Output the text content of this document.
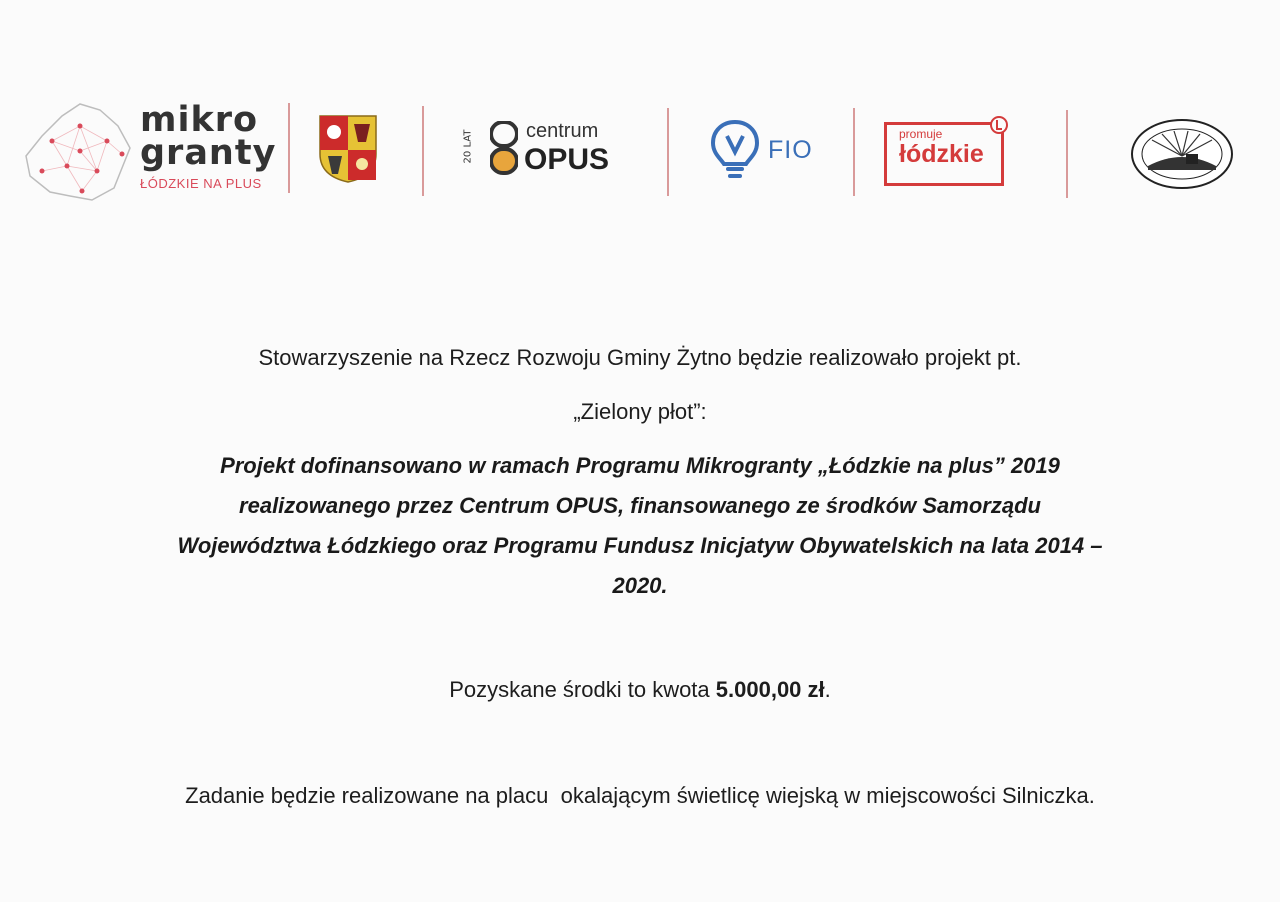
mikro
granty
ŁÓDZKIE NA PLUS
20 LAT	centrum
OPUS	FIO
promuje
łódzkie
Stowarzyszenie na Rzecz Rozwoju Gminy Żytno będzie realizowało projekt pt.
„Zielony płot”:
Projekt dofinansowano w ramach Programu Mikrogranty „Łódzkie na plus” 2019
realizowanego przez Centrum OPUS, finansowanego ze środków Samorządu
Województwa Łódzkiego oraz Programu Fundusz Inicjatyw Obywatelskich na lata 2014 –
2020.
Pozyskane środki to kwota 5.000,00 zł.
Zadanie będzie realizowane na placu  okalającym świetlicę wiejską w miejscowości Silniczka.
